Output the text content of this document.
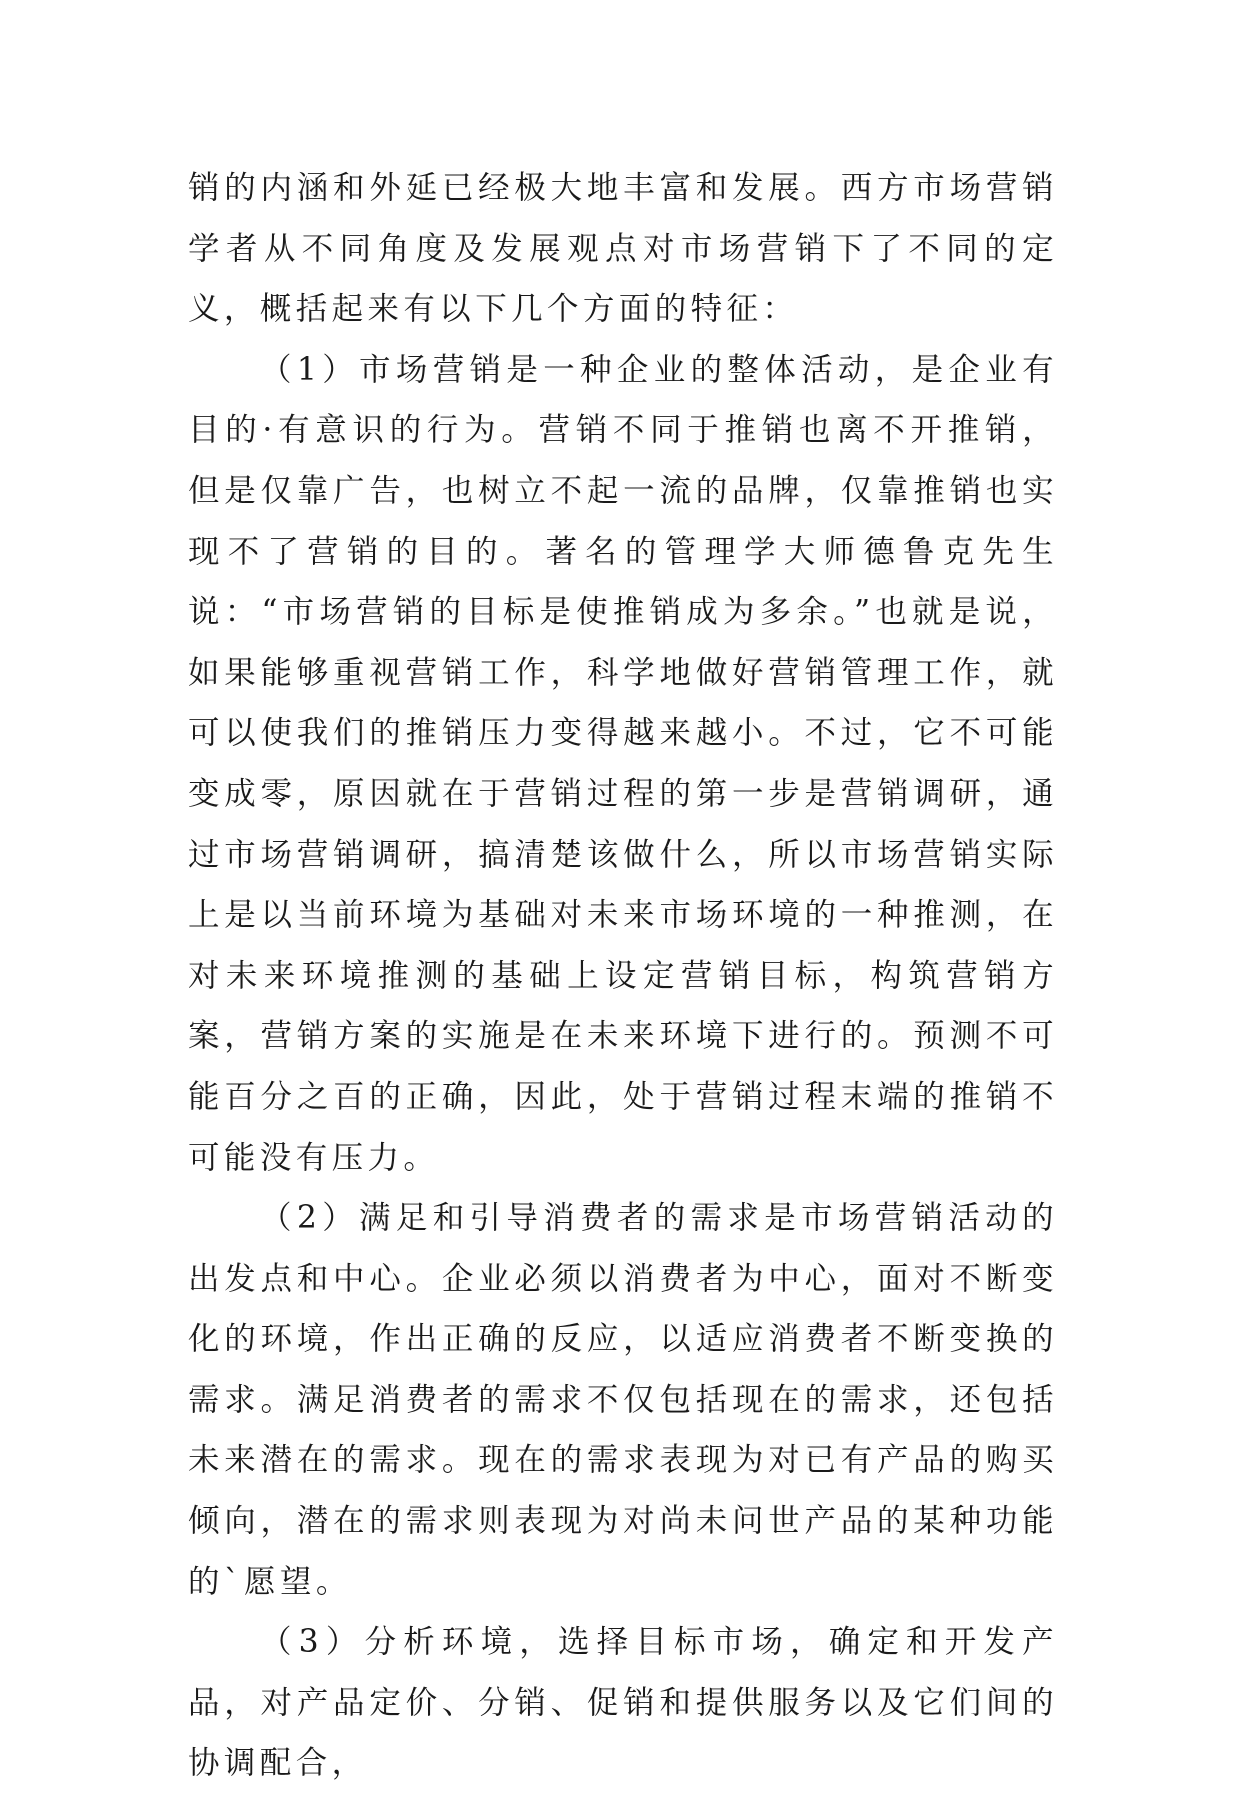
销的内涵和外延已经极大地丰富和发展。西方市场营销学者从不同角度及发展观点对市场营销下了不同的定义，概括起来有以下几个方面的特征：

（1）市场营销是一种企业的整体活动，是企业有目的·有意识的行为。营销不同于推销也离不开推销，但是仅靠广告，也树立不起一流的品牌，仅靠推销也实现不了营销的目的。著名的管理学大师德鲁克先生说：“市场营销的目标是使推销成为多余。”也就是说，如果能够重视营销工作，科学地做好营销管理工作，就可以使我们的推销压力变得越来越小。不过，它不可能变成零，原因就在于营销过程的第一步是营销调研，通过市场营销调研，搞清楚该做什么，所以市场营销实际上是以当前环境为基础对未来市场环境的一种推测，在对未来环境推测的基础上设定营销目标，构筑营销方案，营销方案的实施是在未来环境下进行的。预测不可能百分之百的正确，因此，处于营销过程末端的推销不可能没有压力。

（2）满足和引导消费者的需求是市场营销活动的出发点和中心。企业必须以消费者为中心，面对不断变化的环境，作出正确的反应，以适应消费者不断变换的需求。满足消费者的需求不仅包括现在的需求，还包括未来潜在的需求。现在的需求表现为对已有产品的购买倾向，潜在的需求则表现为对尚未问世产品的某种功能的`愿望。

（3）分析环境，选择目标市场，确定和开发产品，对产品定价、分销、促销和提供服务以及它们间的协调配合，
